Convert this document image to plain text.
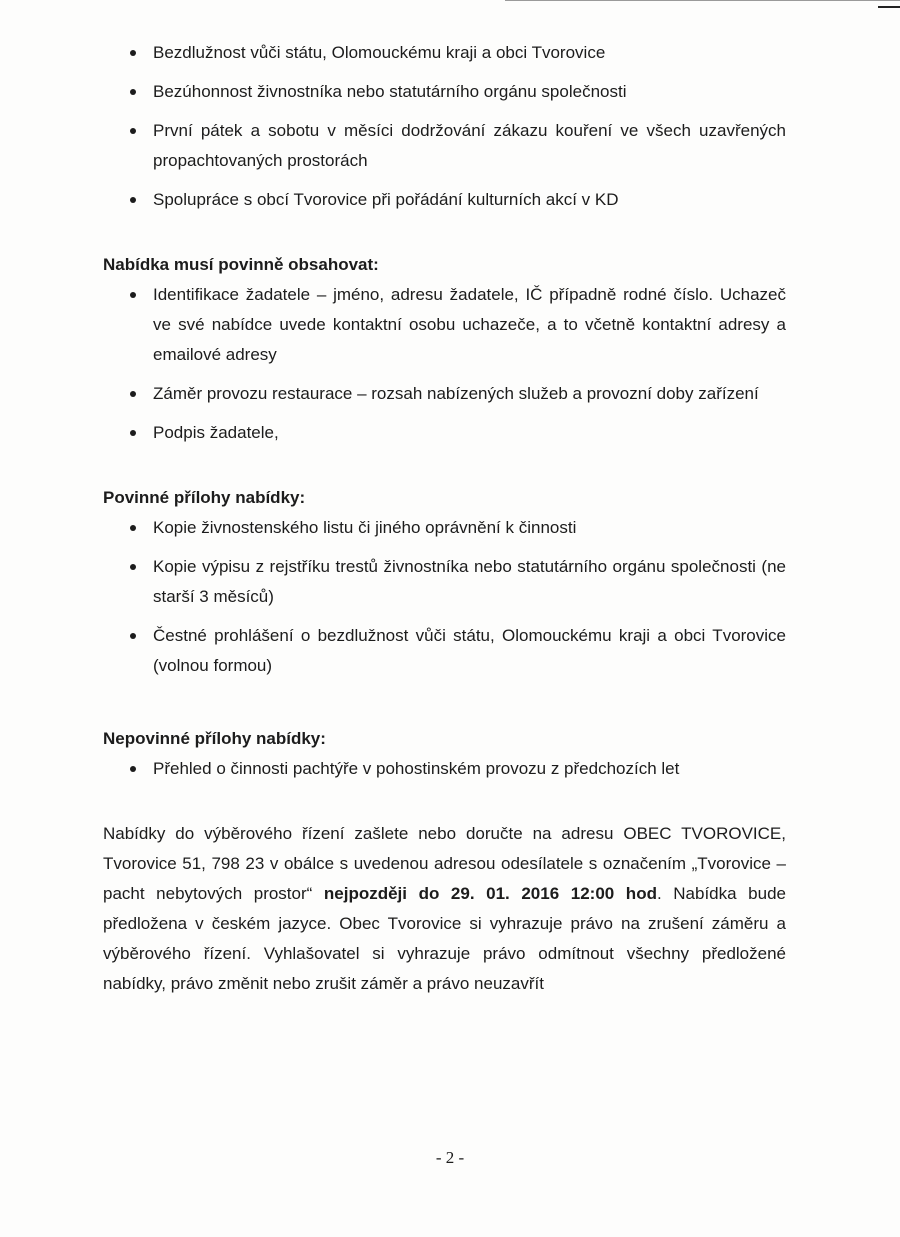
Bezdlužnost vůči státu, Olomouckému kraji a obci Tvorovice
Bezúhonnost živnostníka nebo statutárního orgánu společnosti
První pátek a sobotu v měsíci dodržování zákazu kouření ve všech uzavřených propachtovaných prostorách
Spolupráce s obcí Tvorovice při pořádání kulturních akcí v KD
Nabídka musí povinně obsahovat:
Identifikace žadatele – jméno, adresu žadatele, IČ případně rodné číslo. Uchazeč ve své nabídce uvede kontaktní osobu uchazeče, a to včetně kontaktní adresy a emailové adresy
Záměr provozu restaurace – rozsah nabízených služeb a provozní doby zařízení
Podpis žadatele,
Povinné přílohy nabídky:
Kopie živnostenského listu či jiného oprávnění k činnosti
Kopie výpisu z rejstříku trestů živnostníka nebo statutárního orgánu společnosti (ne starší 3 měsíců)
Čestné prohlášení o bezdlužnost vůči státu, Olomouckému kraji a obci Tvorovice (volnou formou)
Nepovinné přílohy nabídky:
Přehled o činnosti pachtýře v pohostinském provozu z předchozích let

Nabídky do výběrového řízení zašlete nebo doručte na adresu OBEC TVOROVICE, Tvorovice 51, 798 23 v obálce s uvedenou adresou odesílatele s označením „Tvorovice – pacht nebytových prostor“ nejpozději do 29. 01. 2016 12:00 hod. Nabídka bude předložena v českém jazyce. Obec Tvorovice si vyhrazuje právo na zrušení záměru a výběrového řízení. Vyhlašovatel si vyhrazuje právo odmítnout všechny předložené nabídky, právo změnit nebo zrušit záměr a právo neuzavřít

- 2 -
